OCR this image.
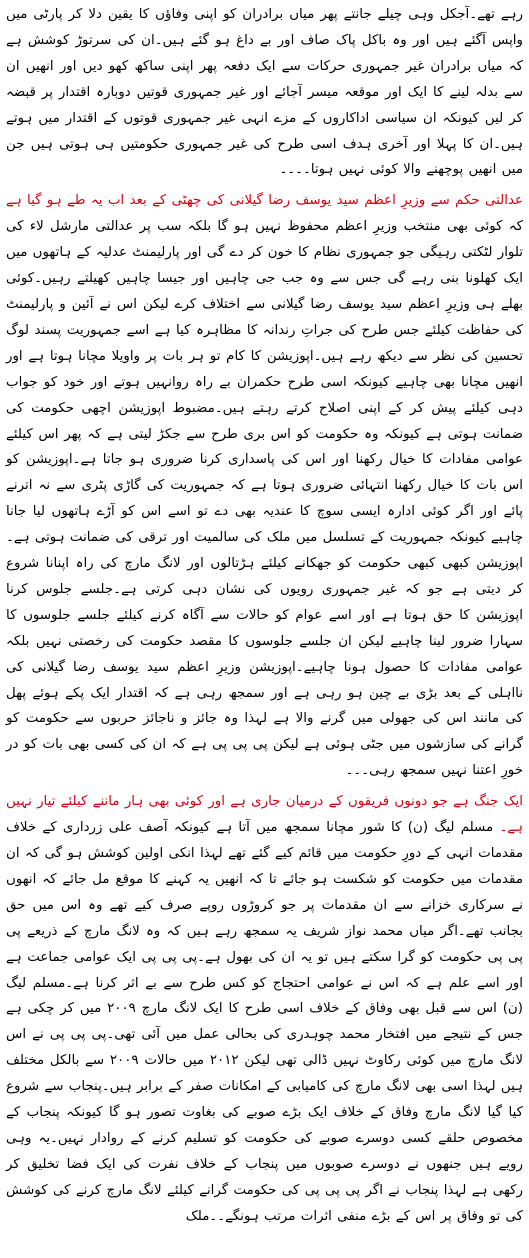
رہے تھے۔آجکل وہی چیلے جانتے پھر میاں برادران کو اپنی وفاؤں کا یقین دلا کر پارٹی میں واپس آگئے ہیں اور وہ باکل پاک صاف اور بے داغ ہو گئے ہیں۔ان کی سرتوڑ کوشش ہے کہ میاں برادران غیر جمہوری حرکات سے ایک دفعہ پھر اپنی ساکھ کھو دیں اور انھیں ان سے بدلہ لینے کا ایک اور موقعہ میسر آجائے اور غیر جمہوری قوتیں دوبارہ اقتدار پر قبضہ کر لیں کیونکہ ان سیاسی اداکاروں کے مزے انہی غیر جمہوری قوتوں کے اقتدار میں ہوتے ہیں۔ان کا پہلا اور آخری ہدف اسی طرح کی غیر جمہوری حکومتیں ہی ہوتی ہیں جن میں انھیں پوچھنے والا کوئی نہیں ہوتا۔۔۔۔

عدالتی حکم سے وزیرِ اعظم سید یوسف رضا گیلانی کی چھٹی کے بعد اب یہ طے ہو گیا ہے کہ کوئی بھی منتخب وزیرِ اعظم محفوظ نہیں ہو گا بلکہ سب پر عدالتی مارشل لاء کی تلوار لٹکتی رہیگی جو جمہوری نظام کا خون کر دے گی اور پارلیمنٹ عدلیہ کے ہاتھوں میں ایک کھلونا بنی رہے گی جس سے وہ جب جی چاہیں اور جیسا چاہیں کھیلتے رہیں۔کوئی بھلے ہی وزیرِ اعظم سید یوسف رضا گیلانی سے اختلاف کرے لیکن اس نے آئین و پارلیمنٹ کی حفاظت کیلئے جس طرح کی جراتِ رندانہ کا مظاہرہ کیا ہے اسے جمہوریت پسند لوگ تحسین کی نظر سے دیکھ رہے ہیں۔اپوزیشن کا کام تو ہر بات پر واویلا مچانا ہوتا ہے اور انھیں مچانا بھی چاہیے کیونکہ اسی طرح حکمران بے راہ روانہیں ہوتے اور خود کو جواب دہی کیلئے پیش کر کے اپنی اصلاح کرتے رہتے ہیں۔مضبوط اپوزیشن اچھی حکومت کی ضمانت ہوتی ہے کیونکہ وہ حکومت کو اس بری طرح سے جکڑ لیتی ہے کہ پھر اس کیلئے عوامی مفادات کا خیال رکھنا اور اس کی پاسداری کرنا ضروری ہو جاتا ہے۔اپوزیشن کو اس بات کا خیال رکھنا انتہائی ضروری ہوتا ہے کہ جمہوریت کی گاڑی پٹری سے نہ اترنے پائے اور اگر کوئی ادارہ ایسی سوچ کا عندیہ بھی دے تو اسے اس کو آڑے ہاتھوں لیا جانا چاہیے کیونکہ جمہوریت کے تسلسل میں ملک کی سالمیت اور ترقی کی ضمانت ہوتی ہے۔اپوزیشن کبھی کبھی حکومت کو جھکانے کیلئے ہڑتالوں اور لانگ مارچ کی راہ اپنانا شروع کر دیتی ہے جو کہ غیر جمہوری رویوں کی نشان دہی کرتی ہے۔جلسے جلوس کرنا اپوزیشن کا حق ہوتا ہے اور اسے عوام کو حالات سے آگاہ کرنے کیلئے جلسے جلوسوں کا سہارا ضرور لینا چاہیے لیکن ان جلسے جلوسوں کا مقصد حکومت کی رخصتی نہیں بلکہ عوامی مفادات کا حصول ہونا چاہیے۔اپوزیشن وزیرِ اعظم سید یوسف رضا گیلانی کی نااہلی کے بعد بڑی بے چین ہو رہی ہے اور سمجھ رہی ہے کہ اقتدار ایک پکے ہوئے پھل کی مانند اس کی جھولی میں گرنے والا ہے لہذا وہ جائز و ناجائز حربوں سے حکومت کو گرانے کی سازشوں میں جٹی ہوئی ہے لیکن پی پی پی ہے کہ ان کی کسی بھی بات کو در خورِ اعتنا نہیں سمجھ رہی۔۔۔

ایک جنگ ہے جو دونوں فریقوں کے درمیان جاری ہے اور کوئی بھی ہار ماننے کیلئے تیار نہیں ہے۔ مسلم لیگ (ن) کا شور مچانا سمجھ میں آتا ہے کیونکہ آصف علی زرداری کے خلاف مقدمات انہی کے دورِ حکومت میں قائم کیے گئے تھے لہذا انکی اولین کوشش ہو گی کہ ان مقدمات میں حکومت کو شکست ہو جائے تا کہ انھیں یہ کہنے کا موقع مل جائے کہ انھوں نے سرکاری خزانے سے ان مقدمات پر جو کروڑوں روپے صرف کیے تھے وہ اس میں حق بجانب تھے۔اگر میاں محمد نواز شریف یہ سمجھ رہے ہیں کہ وہ لانگ مارچ کے ذریعے پی پی پی حکومت کو گرا سکتے ہیں تو یہ ان کی بھول ہے۔پی پی پی ایک عوامی جماعت ہے اور اسے علم ہے کہ اس نے عوامی احتجاج کو کس طرح سے بے اثر کرنا ہے۔مسلم لیگ (ن) اس سے قبل بھی وفاق کے خلاف اسی طرح کا ایک لانگ مارچ ۲۰۰۹ میں کر چکی ہے جس کے نتیجے میں افتخار محمد چوہدری کی بحالی عمل میں آئی تھی۔پی پی پی نے اس لانگ مارچ میں کوئی رکاوٹ نہیں ڈالی تھی لیکن ۲۰۱۲ میں حالات ۲۰۰۹ سے بالکل مختلف ہیں لہذا اسی بھی لانگ مارچ کی کامیابی کے امکانات صفر کے برابر ہیں۔پنجاب سے شروع کیا گیا لانگ مارچ وفاق کے خلاف ایک بڑے صوبے کی بغاوت تصور ہو گا کیونکہ پنجاب کے مخصوص حلقے کسی دوسرے صوبے کی حکومت کو تسلیم کرنے کے روادار نہیں۔یہ وہی رویے ہیں جنھوں نے دوسرے صوبوں میں پنجاب کے خلاف نفرت کی ایک فضا تخلیق کر رکھی ہے لہذا پنجاب نے اگر پی پی پی کی حکومت گرانے کیلئے لانگ مارچ کرنے کی کوشش کی تو وفاق پر اس کے بڑے منفی اثرات مرتب ہونگے۔۔ملک
